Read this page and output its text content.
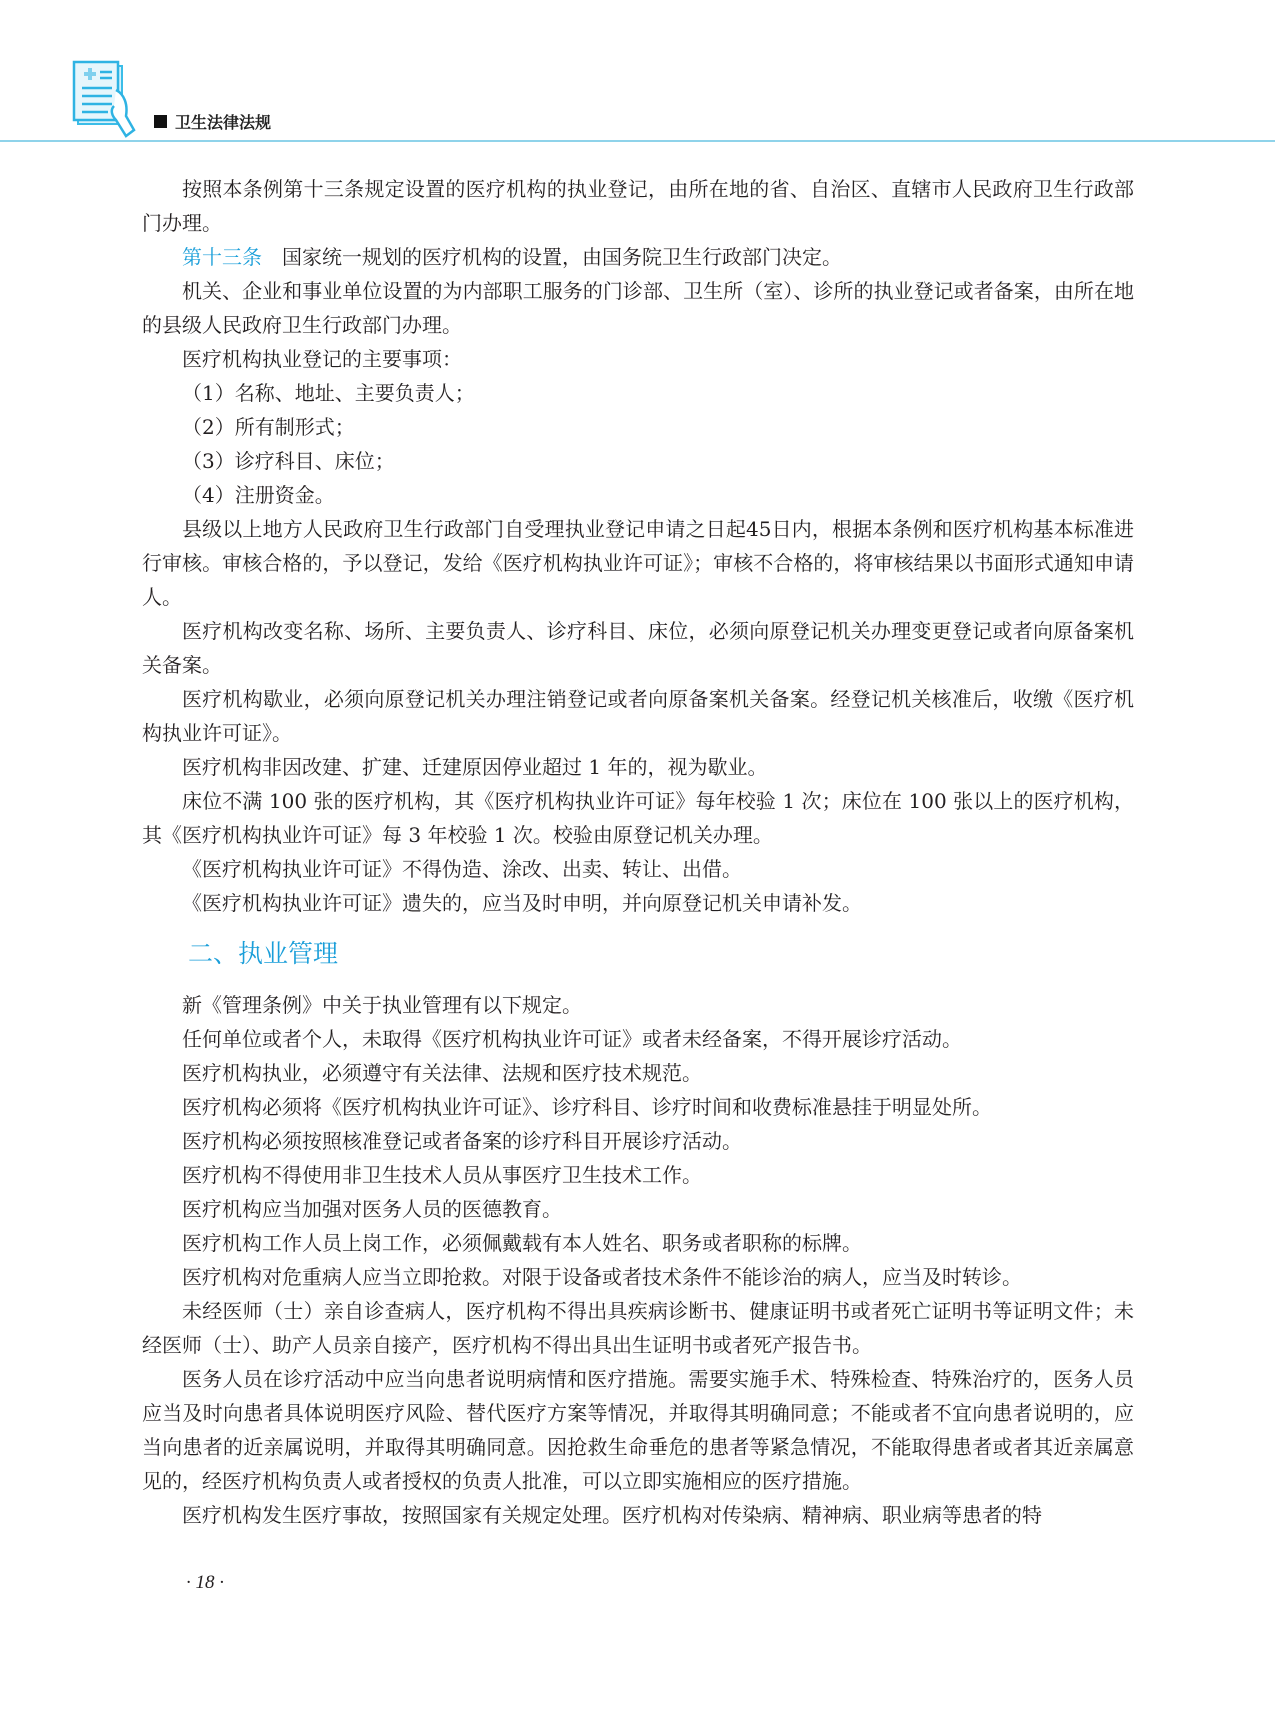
卫生法律法规

按照本条例第十三条规定设置的医疗机构的执业登记，由所在地的省、自治区、直辖市人民政府卫生行政部门办理。

第十三条 国家统一规划的医疗机构的设置，由国务院卫生行政部门决定。

机关、企业和事业单位设置的为内部职工服务的门诊部、卫生所（室）、诊所的执业登记或者备案，由所在地的县级人民政府卫生行政部门办理。

医疗机构执业登记的主要事项：

（1）名称、地址、主要负责人；

（2）所有制形式；

（3）诊疗科目、床位；

（4）注册资金。

县级以上地方人民政府卫生行政部门自受理执业登记申请之日起45日内，根据本条例和医疗机构基本标准进行审核。审核合格的，予以登记，发给《医疗机构执业许可证》；审核不合格的，将审核结果以书面形式通知申请人。

医疗机构改变名称、场所、主要负责人、诊疗科目、床位，必须向原登记机关办理变更登记或者向原备案机关备案。

医疗机构歇业，必须向原登记机关办理注销登记或者向原备案机关备案。经登记机关核准后，收缴《医疗机构执业许可证》。

医疗机构非因改建、扩建、迁建原因停业超过 1 年的，视为歇业。

床位不满 100 张的医疗机构，其《医疗机构执业许可证》每年校验 1 次；床位在 100 张以上的医疗机构，其《医疗机构执业许可证》每 3 年校验 1 次。校验由原登记机关办理。

《医疗机构执业许可证》不得伪造、涂改、出卖、转让、出借。

《医疗机构执业许可证》遗失的，应当及时申明，并向原登记机关申请补发。

二、执业管理

新《管理条例》中关于执业管理有以下规定。

任何单位或者个人，未取得《医疗机构执业许可证》或者未经备案，不得开展诊疗活动。

医疗机构执业，必须遵守有关法律、法规和医疗技术规范。

医疗机构必须将《医疗机构执业许可证》、诊疗科目、诊疗时间和收费标准悬挂于明显处所。

医疗机构必须按照核准登记或者备案的诊疗科目开展诊疗活动。

医疗机构不得使用非卫生技术人员从事医疗卫生技术工作。

医疗机构应当加强对医务人员的医德教育。

医疗机构工作人员上岗工作，必须佩戴载有本人姓名、职务或者职称的标牌。

医疗机构对危重病人应当立即抢救。对限于设备或者技术条件不能诊治的病人，应当及时转诊。

未经医师（士）亲自诊查病人，医疗机构不得出具疾病诊断书、健康证明书或者死亡证明书等证明文件；未经医师（士）、助产人员亲自接产，医疗机构不得出具出生证明书或者死产报告书。

医务人员在诊疗活动中应当向患者说明病情和医疗措施。需要实施手术、特殊检查、特殊治疗的，医务人员应当及时向患者具体说明医疗风险、替代医疗方案等情况，并取得其明确同意；不能或者不宜向患者说明的，应当向患者的近亲属说明，并取得其明确同意。因抢救生命垂危的患者等紧急情况，不能取得患者或者其近亲属意见的，经医疗机构负责人或者授权的负责人批准，可以立即实施相应的医疗措施。

医疗机构发生医疗事故，按照国家有关规定处理。医疗机构对传染病、精神病、职业病等患者的特

· 18 ·
